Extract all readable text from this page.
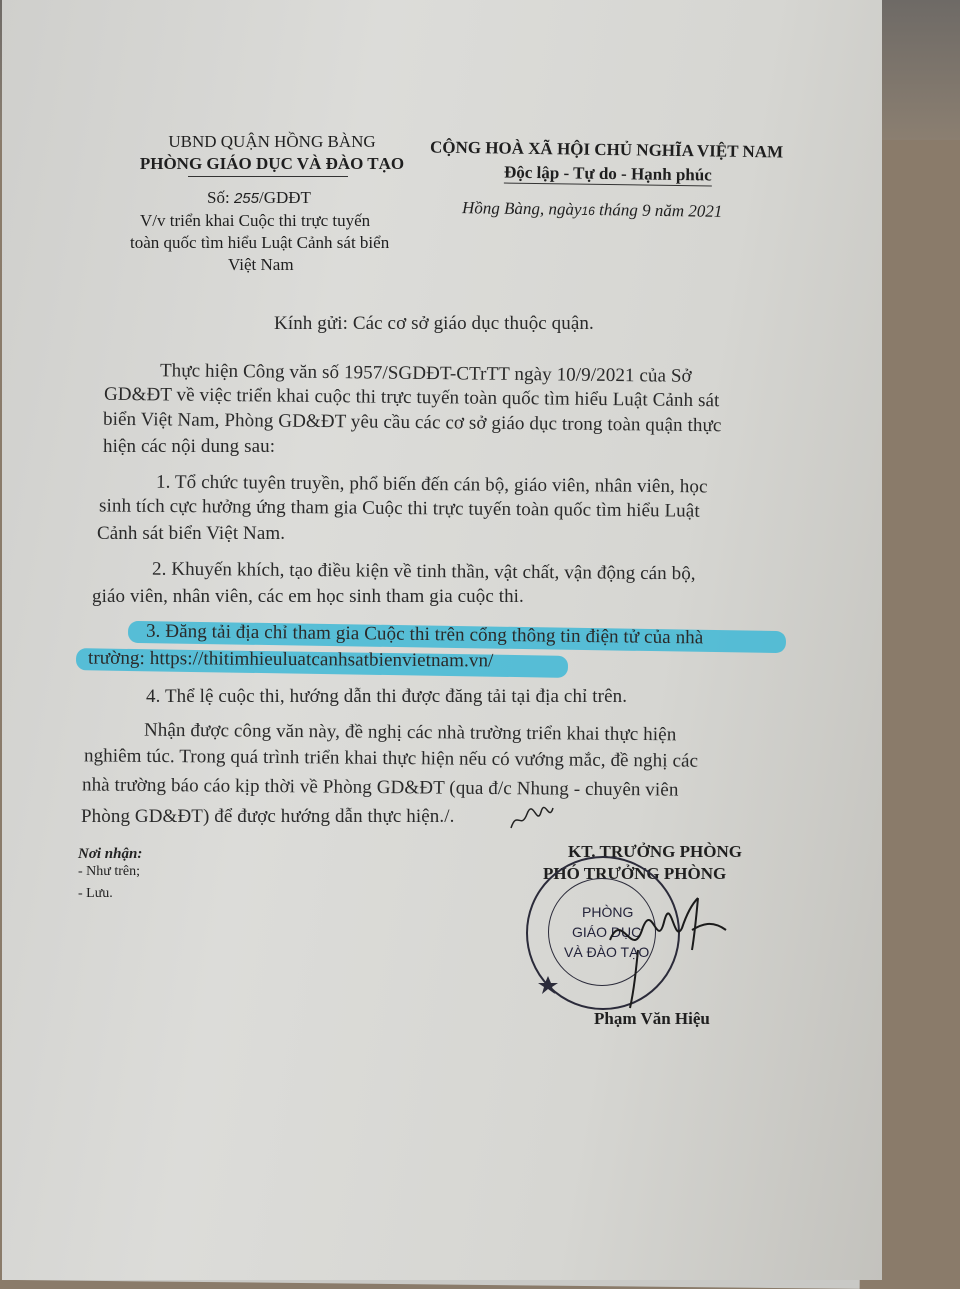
UBND QUẬN HỒNG BÀNG
PHÒNG GIÁO DỤC VÀ ĐÀO TẠO
Số: 255/GDĐT
V/v triển khai Cuộc thi trực tuyến
toàn quốc tìm hiểu Luật Cảnh sát biển
Việt Nam
CỘNG HOÀ XÃ HỘI CHỦ NGHĨA VIỆT NAM
Độc lập - Tự do - Hạnh phúc
Hồng Bàng, ngày16 tháng 9 năm 2021
Kính gửi: Các cơ sở giáo dục thuộc quận.
Thực hiện Công văn số 1957/SGDĐT-CTrTT ngày 10/9/2021 của Sở
GD&ĐT về việc triển khai cuộc thi trực tuyến toàn quốc tìm hiểu Luật Cảnh sát
biển Việt Nam, Phòng GD&ĐT yêu cầu các cơ sở giáo dục trong toàn quận thực
hiện các nội dung sau:
1. Tổ chức tuyên truyền, phổ biến đến cán bộ, giáo viên, nhân viên, học
sinh tích cực hưởng ứng tham gia Cuộc thi trực tuyến toàn quốc tìm hiểu Luật
Cảnh sát biển Việt Nam.
2. Khuyến khích, tạo điều kiện về tinh thần, vật chất, vận động cán bộ,
giáo viên, nhân viên, các em học sinh tham gia cuộc thi.
3. Đăng tải địa chỉ tham gia Cuộc thi trên cổng thông tin điện tử của nhà
trường: https://thitimhieuluatcanhsatbienvietnam.vn/
4. Thể lệ cuộc thi, hướng dẫn thi được đăng tải tại địa chỉ trên.
Nhận được công văn này, đề nghị các nhà trường triển khai thực hiện
nghiêm túc. Trong quá trình triển khai thực hiện nếu có vướng mắc, đề nghị các
nhà trường báo cáo kịp thời về Phòng GD&ĐT (qua đ/c Nhung - chuyên viên
Phòng GD&ĐT) để được hướng dẫn thực hiện./.
Nơi nhận:
- Như trên;
- Lưu.
KT. TRƯỞNG PHÒNG
PHÓ TRƯỞNG PHÒNG
PHÒNG
GIÁO DỤC
VÀ ĐÀO TẠO
Phạm Văn Hiệu
